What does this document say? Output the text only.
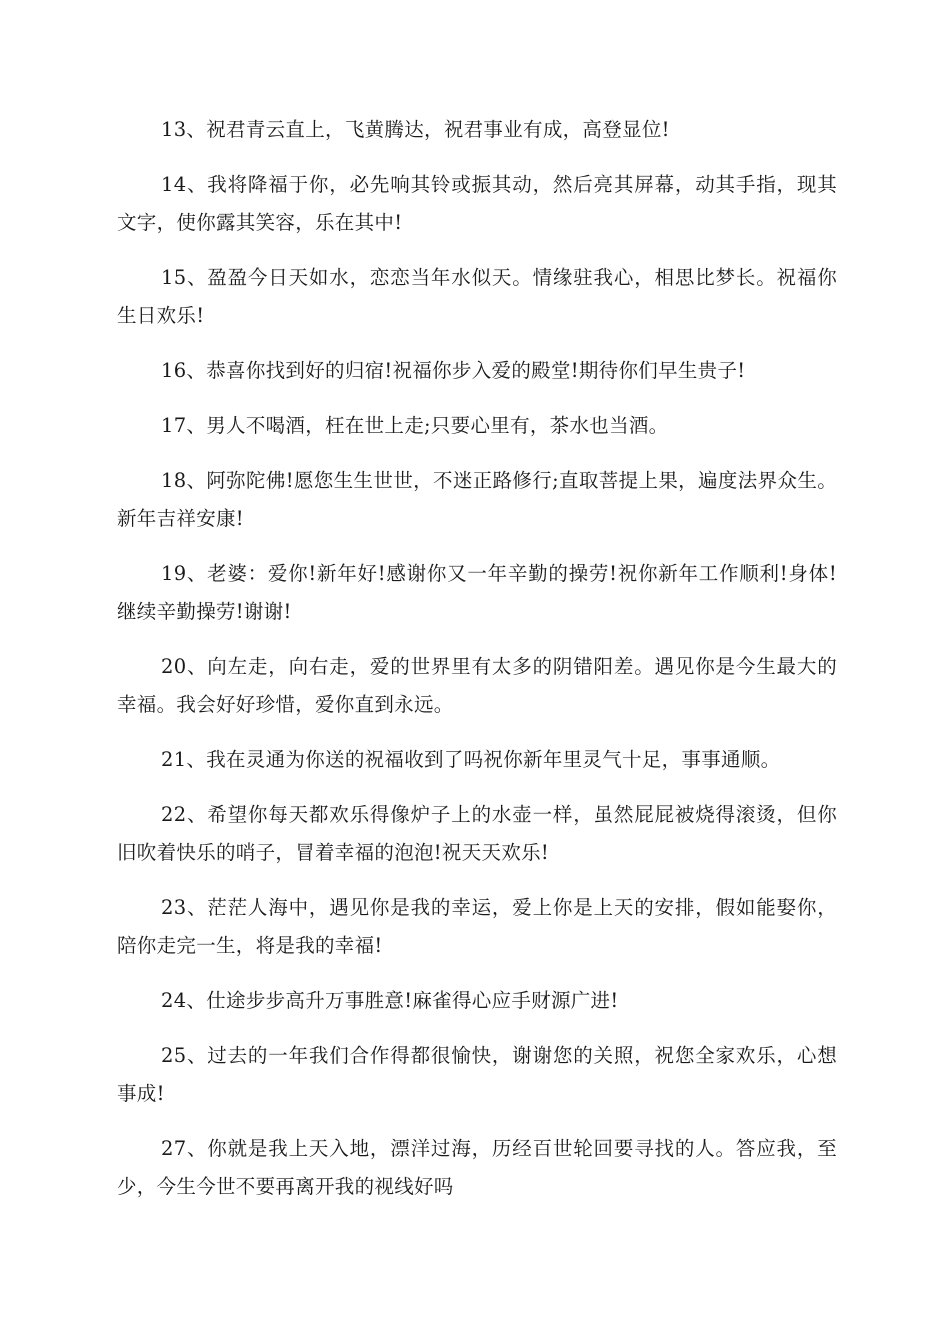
13、祝君青云直上，飞黄腾达，祝君事业有成，高登显位!

14、我将降福于你，必先响其铃或振其动，然后亮其屏幕，动其手指，现其文字，使你露其笑容，乐在其中!

15、盈盈今日天如水，恋恋当年水似天。情缘驻我心，相思比梦长。祝福你生日欢乐!

16、恭喜你找到好的归宿!祝福你步入爱的殿堂!期待你们早生贵子!

17、男人不喝酒，枉在世上走;只要心里有，茶水也当酒。

18、阿弥陀佛!愿您生生世世，不迷正路修行;直取菩提上果，遍度法界众生。新年吉祥安康!

19、老婆：爱你!新年好!感谢你又一年辛勤的操劳!祝你新年工作顺利!身体!继续辛勤操劳!谢谢!

20、向左走，向右走，爱的世界里有太多的阴错阳差。遇见你是今生最大的幸福。我会好好珍惜，爱你直到永远。

21、我在灵通为你送的祝福收到了吗祝你新年里灵气十足，事事通顺。

22、希望你每天都欢乐得像炉子上的水壶一样，虽然屁屁被烧得滚烫，但你旧吹着快乐的哨子，冒着幸福的泡泡!祝天天欢乐!

23、茫茫人海中，遇见你是我的幸运，爱上你是上天的安排，假如能娶你，陪你走完一生，将是我的幸福!

24、仕途步步高升万事胜意!麻雀得心应手财源广进!

25、过去的一年我们合作得都很愉快，谢谢您的关照，祝您全家欢乐，心想事成!

27、你就是我上天入地，漂洋过海，历经百世轮回要寻找的人。答应我，至少，今生今世不要再离开我的视线好吗
